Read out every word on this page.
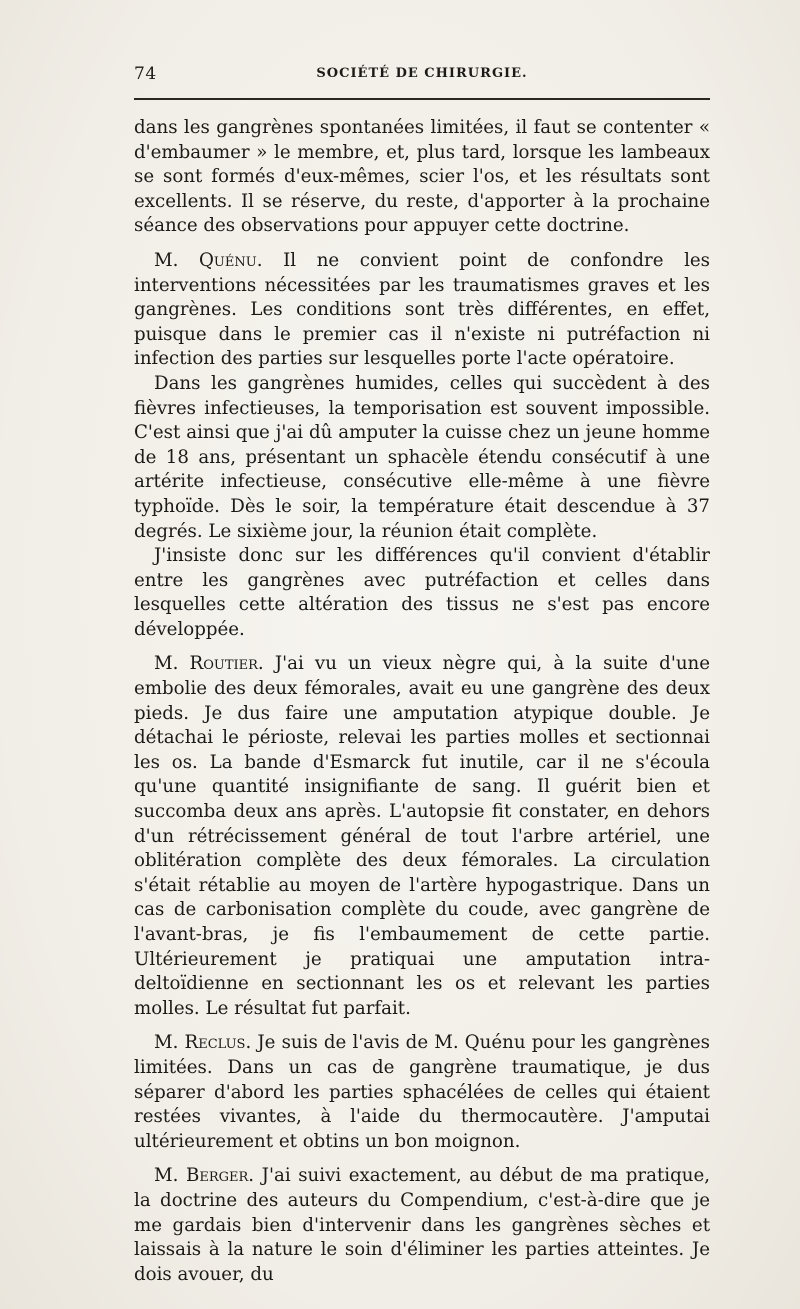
74	SOCIÉTÉ DE CHIRURGIE.

dans les gangrènes spontanées limitées, il faut se contenter « d'embaumer » le membre, et, plus tard, lorsque les lambeaux se sont formés d'eux-mêmes, scier l'os, et les résultats sont excellents. Il se réserve, du reste, d'apporter à la prochaine séance des observations pour appuyer cette doctrine.

M. Quénu. Il ne convient point de confondre les interventions nécessitées par les traumatismes graves et les gangrènes. Les conditions sont très différentes, en effet, puisque dans le premier cas il n'existe ni putréfaction ni infection des parties sur lesquelles porte l'acte opératoire.

Dans les gangrènes humides, celles qui succèdent à des fièvres infectieuses, la temporisation est souvent impossible. C'est ainsi que j'ai dû amputer la cuisse chez un jeune homme de 18 ans, présentant un sphacèle étendu consécutif à une artérite infectieuse, consécutive elle-même à une fièvre typhoïde. Dès le soir, la température était descendue à 37 degrés. Le sixième jour, la réunion était complète.

J'insiste donc sur les différences qu'il convient d'établir entre les gangrènes avec putréfaction et celles dans lesquelles cette altération des tissus ne s'est pas encore développée.

M. Routier. J'ai vu un vieux nègre qui, à la suite d'une embolie des deux fémorales, avait eu une gangrène des deux pieds. Je dus faire une amputation atypique double. Je détachai le périoste, relevai les parties molles et sectionnai les os. La bande d'Esmarck fut inutile, car il ne s'écoula qu'une quantité insignifiante de sang. Il guérit bien et succomba deux ans après. L'autopsie fit constater, en dehors d'un rétrécissement général de tout l'arbre artériel, une oblitération complète des deux fémorales. La circulation s'était rétablie au moyen de l'artère hypogastrique. Dans un cas de carbonisation complète du coude, avec gangrène de l'avant-bras, je fis l'embaumement de cette partie. Ultérieurement je pratiquai une amputation intra-deltoïdienne en sectionnant les os et relevant les parties molles. Le résultat fut parfait.

M. Reclus. Je suis de l'avis de M. Quénu pour les gangrènes limitées. Dans un cas de gangrène traumatique, je dus séparer d'abord les parties sphacélées de celles qui étaient restées vivantes, à l'aide du thermocautère. J'amputai ultérieurement et obtins un bon moignon.

M. Berger. J'ai suivi exactement, au début de ma pratique, la doctrine des auteurs du Compendium, c'est-à-dire que je me gardais bien d'intervenir dans les gangrènes sèches et laissais à la nature le soin d'éliminer les parties atteintes. Je dois avouer, du
